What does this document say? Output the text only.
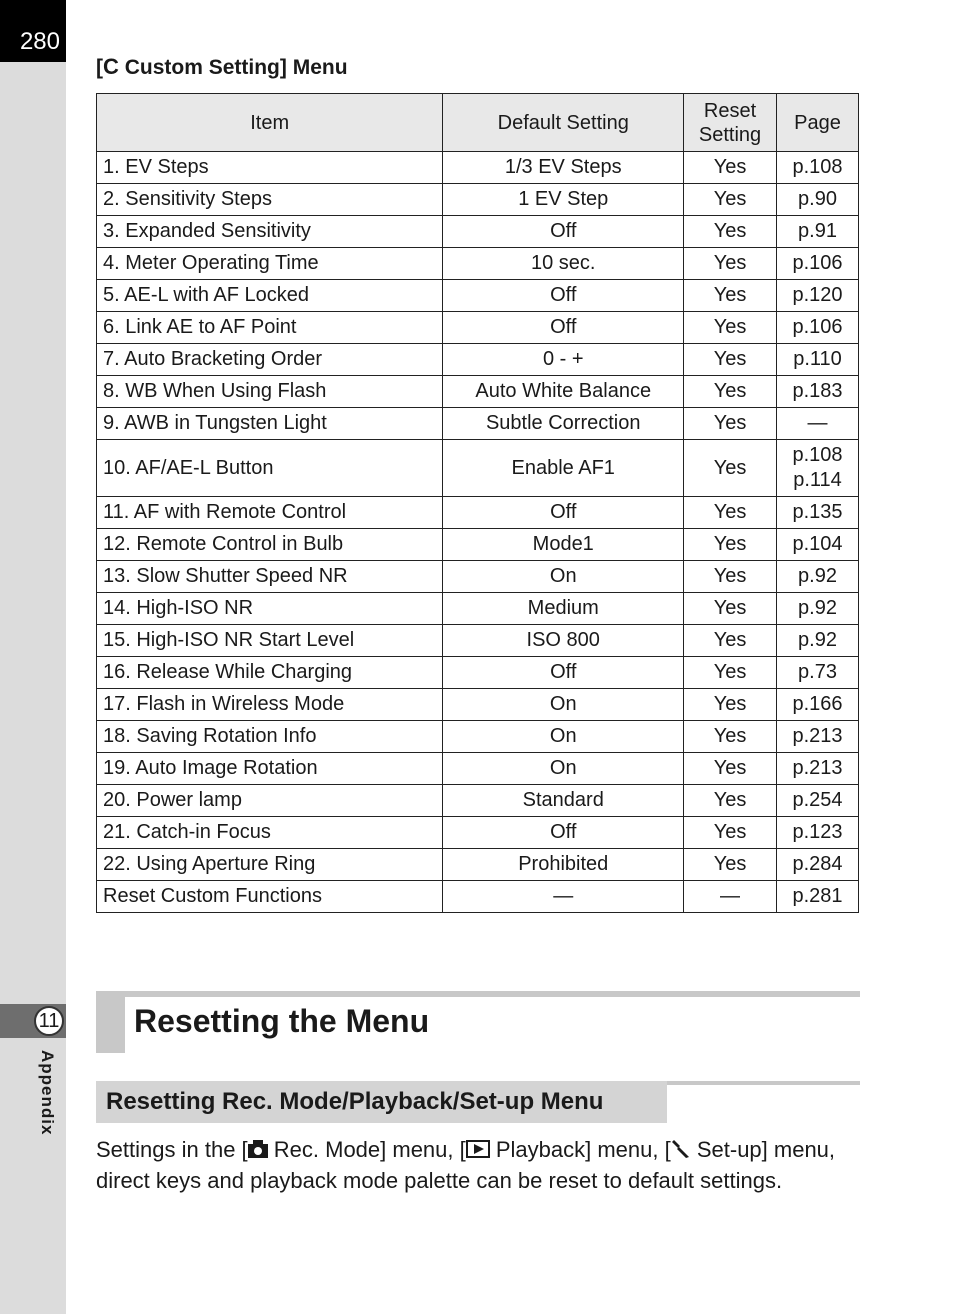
280
11
Appendix
[C Custom Setting] Menu
Item	Default Setting	Reset Setting	Page
1. EV Steps	1/3 EV Steps	Yes	p.108

2. Sensitivity Steps	1 EV Step	Yes	p.90

3. Expanded Sensitivity	Off	Yes	p.91

4. Meter Operating Time	10 sec.	Yes	p.106

5. AE-L with AF Locked	Off	Yes	p.120

6. Link AE to AF Point	Off	Yes	p.106

7. Auto Bracketing Order	0 - +	Yes	p.110

8. WB When Using Flash	Auto White Balance	Yes	p.183

9. AWB in Tungsten Light	Subtle Correction	Yes	—

10. AF/AE-L Button	Enable AF1	Yes	p.108
p.114

11. AF with Remote Control	Off	Yes	p.135

12. Remote Control in Bulb	Mode1	Yes	p.104

13. Slow Shutter Speed NR	On	Yes	p.92

14. High-ISO NR	Medium	Yes	p.92

15. High-ISO NR Start Level	ISO 800	Yes	p.92

16. Release While Charging	Off	Yes	p.73

17. Flash in Wireless Mode	On	Yes	p.166

18. Saving Rotation Info	On	Yes	p.213

19. Auto Image Rotation	On	Yes	p.213

20. Power lamp	Standard	Yes	p.254

21. Catch-in Focus	Off	Yes	p.123

22. Using Aperture Ring	Prohibited	Yes	p.284

Reset Custom Functions	—	—	p.281
Resetting the Menu
Resetting Rec. Mode/Playback/Set-up Menu
Settings in the [ Rec. Mode] menu, [ Playback] menu, [ Set-up] menu, direct keys and playback mode palette can be reset to default settings.
